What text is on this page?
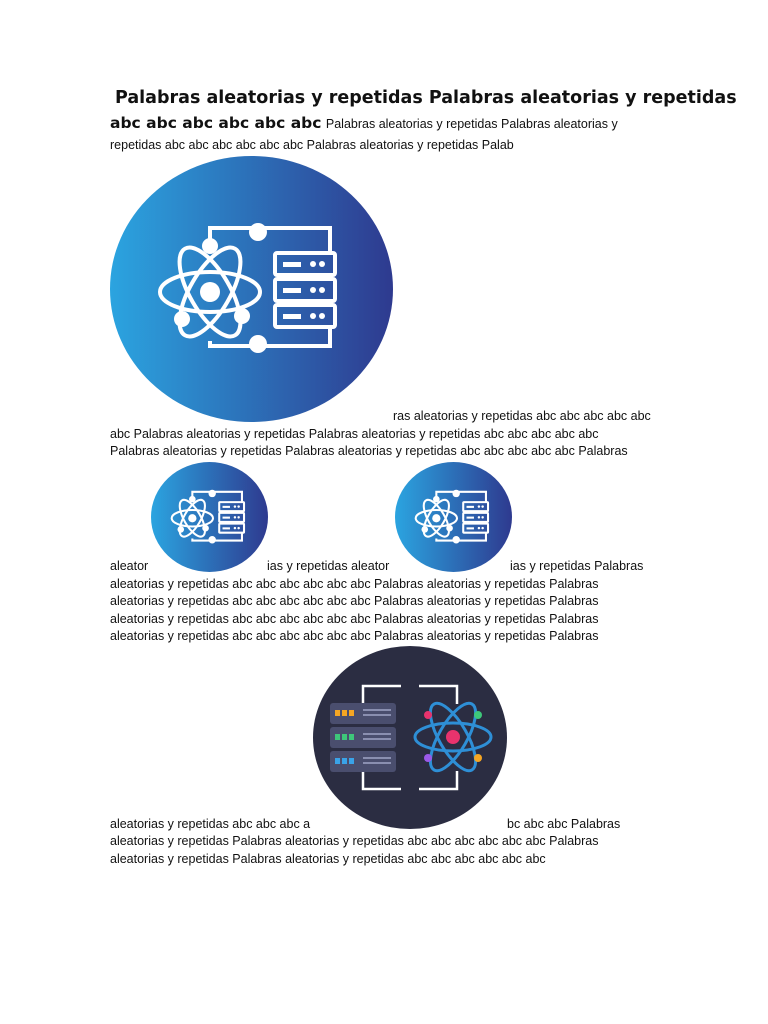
Palabras aleatorias y repetidas Palabras aleatorias y repetidas
abc abc abc abc abc abc Palabras aleatorias y repetidas Palabras aleatorias y
repetidas abc abc abc abc abc abc Palabras aleatorias y repetidas Palab
ras aleatorias y repetidas abc abc abc abc abc
abc Palabras aleatorias y repetidas Palabras aleatorias y repetidas abc abc abc abc abc
Palabras aleatorias y repetidas Palabras aleatorias y repetidas abc abc abc abc abc Palabras
aleator	ias y repetidas aleator	ias y repetidas Palabras
aleatorias y repetidas abc abc abc abc abc abc Palabras aleatorias y repetidas Palabras
aleatorias y repetidas abc abc abc abc abc abc Palabras aleatorias y repetidas Palabras
aleatorias y repetidas abc abc abc abc abc abc Palabras aleatorias y repetidas Palabras
aleatorias y repetidas abc abc abc abc abc abc Palabras aleatorias y repetidas Palabras
aleatorias y repetidas abc abc abc a	bc abc abc Palabras
aleatorias y repetidas Palabras aleatorias y repetidas abc abc abc abc abc abc Palabras
aleatorias y repetidas Palabras aleatorias y repetidas abc abc abc abc abc abc
